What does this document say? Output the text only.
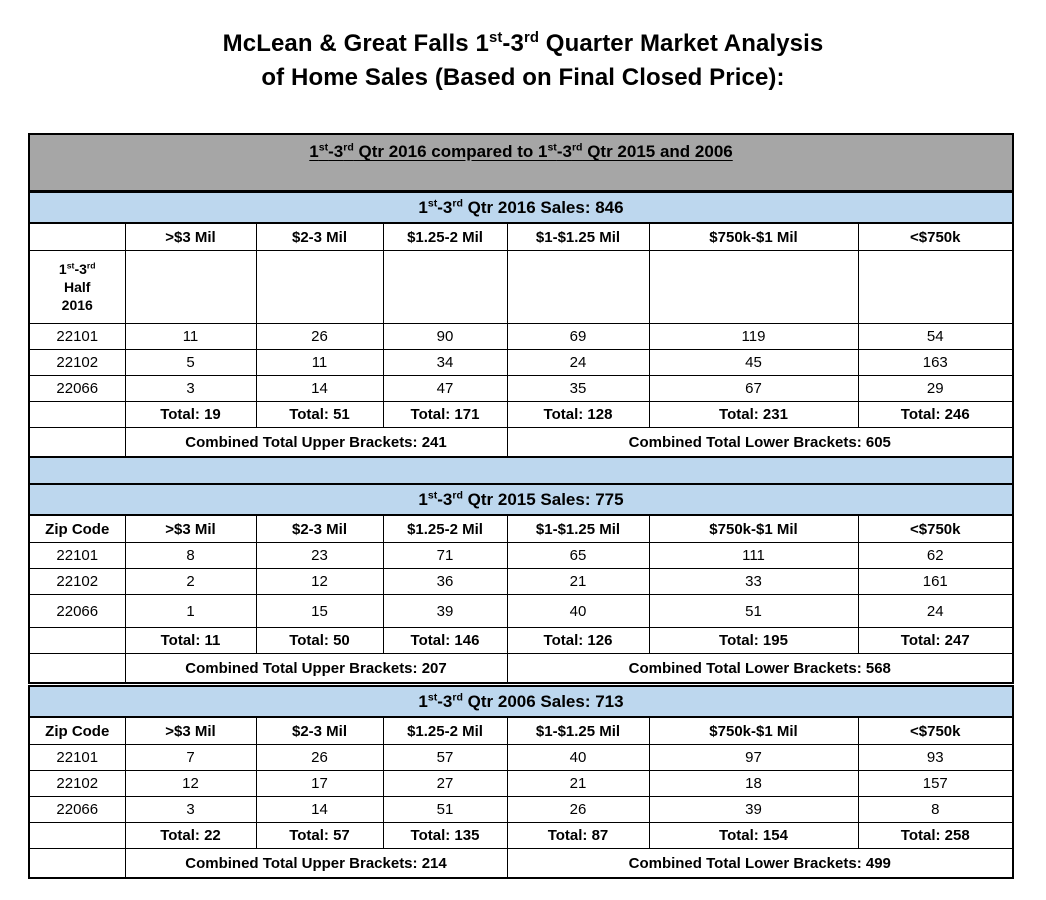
McLean & Great Falls 1st-3rd Quarter Market Analysis
of Home Sales (Based on Final Closed Price):
1st-3rd Qtr 2016 compared to 1st-3rd Qtr 2015 and 2006						
1st-3rd Qtr 2016 Sales: 846						
	>$3 Mil	$2-3 Mil	$1.25-2 Mil	$1-$1.25 Mil	$750k-$1 Mil	<$750k
1st-3rd
Half
2016						
22101	11	26	90	69	119	54
22102	5	11	34	24	45	163
22066	3	14	47	35	67	29
	Total: 19	Total: 51	Total: 171	Total: 128	Total: 231	Total: 246
	Combined Total Upper Brackets: 241			Combined Total Lower Brackets: 605		

1st-3rd Qtr 2015 Sales: 775						
Zip Code	>$3 Mil	$2-3 Mil	$1.25-2 Mil	$1-$1.25 Mil	$750k-$1 Mil	<$750k
22101	8	23	71	65	111	62
22102	2	12	36	21	33	161
22066	1	15	39	40	51	24
	Total: 11	Total: 50	Total: 146	Total: 126	Total: 195	Total: 247
	Combined Total Upper Brackets: 207			Combined Total Lower Brackets: 568		
1st-3rd Qtr 2006 Sales: 713						
Zip Code	>$3 Mil	$2-3 Mil	$1.25-2 Mil	$1-$1.25 Mil	$750k-$1 Mil	<$750k
22101	7	26	57	40	97	93
22102	12	17	27	21	18	157
22066	3	14	51	26	39	8
	Total: 22	Total: 57	Total: 135	Total: 87	Total: 154	Total: 258
	Combined Total Upper Brackets: 214			Combined Total Lower Brackets: 499		
